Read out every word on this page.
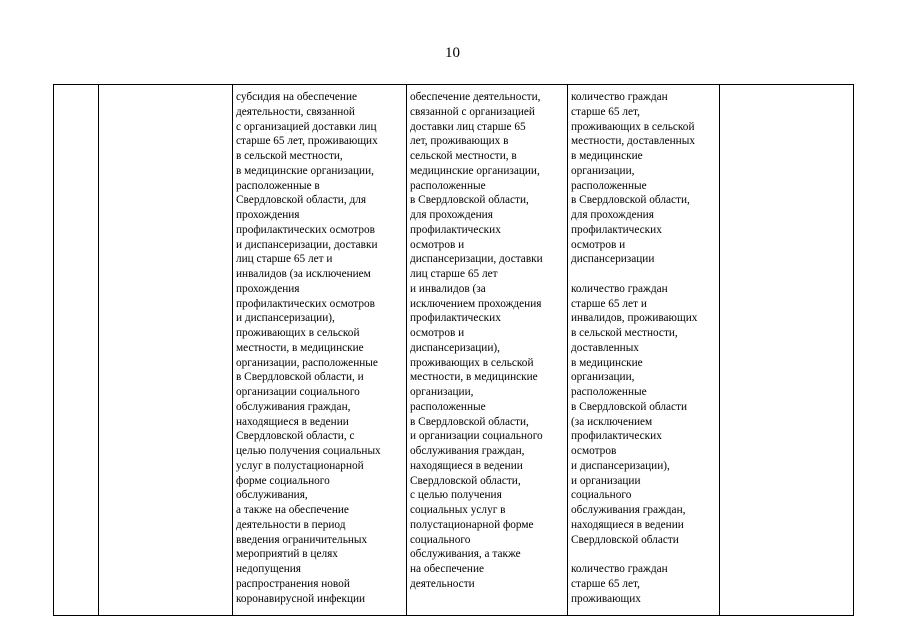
10

субсидия на обеспечение
деятельности, связанной
с организацией доставки лиц
старше 65 лет, проживающих
в сельской местности,
в медицинские организации,
расположенные в
Свердловской области, для
прохождения
профилактических осмотров
и диспансеризации, доставки
лиц старше 65 лет и
инвалидов (за исключением
прохождения
профилактических осмотров
и диспансеризации),
проживающих в сельской
местности, в медицинские
организации, расположенные
в Свердловской области, и
организации социального
обслуживания граждан,
находящиеся в ведении
Свердловской области, с
целью получения социальных
услуг в полустационарной
форме социального
обслуживания,
а также на обеспечение
деятельности в период
введения ограничительных
мероприятий в целях
недопущения
распространения новой
коронавирусной инфекции

обеспечение деятельности,
связанной с организацией
доставки лиц старше 65
лет, проживающих в
сельской местности, в
медицинские организации,
расположенные
в Свердловской области,
для прохождения
профилактических
осмотров и
диспансеризации, доставки
лиц старше 65 лет
и инвалидов (за
исключением прохождения
профилактических
осмотров и
диспансеризации),
проживающих в сельской
местности, в медицинские
организации,
расположенные
в Свердловской области,
и организации социального
обслуживания граждан,
находящиеся в ведении
Свердловской области,
с целью получения
социальных услуг в
полустационарной форме
социального
обслуживания, а также
на обеспечение
деятельности

количество граждан
старше 65 лет,
проживающих в сельской
местности, доставленных
в медицинские
организации,
расположенные
в Свердловской области,
для прохождения
профилактических
осмотров и
диспансеризации
количество граждан
старше 65 лет и
инвалидов, проживающих
в сельской местности,
доставленных
в медицинские
организации,
расположенные
в Свердловской области
(за исключением
профилактических
осмотров
и диспансеризации),
и организации
социального
обслуживания граждан,
находящиеся в ведении
Свердловской области
количество граждан
старше 65 лет,
проживающих
